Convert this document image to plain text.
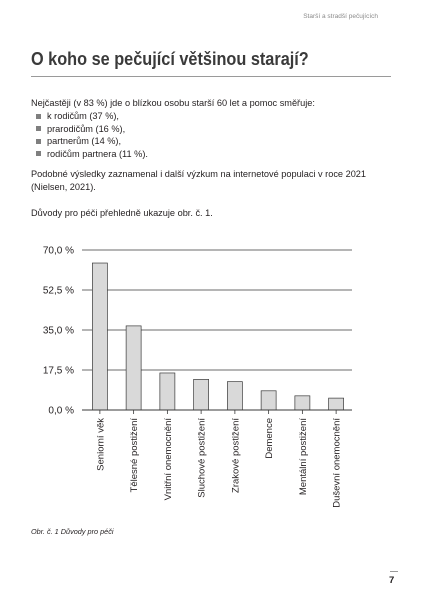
Starší a stradší pečujících
O koho se pečující většinou starají?

Nejčastěji (v 83 %) jde o blízkou osobu starší 60 let a pomoc směřuje:

k rodičům (37 %),
prarodičům (16 %),
partnerům (14 %),
rodičům partnera (11 %).

Podobné výsledky zaznamenal i další výzkum na internetové populaci v roce 2021 (Nielsen, 2021).

Důvody pro péči přehledně ukazuje obr. č. 1.

0,0 %
17,5 %
35,0 %
52,5 %
70,0 %
Seniorní věk Tělesné postižení Vnitřní onemocnění Sluchové postižení Zrakové postižení Demence Mentální postižení Duševní onemocnění

Obr. č. 1 Důvody pro péči

7
